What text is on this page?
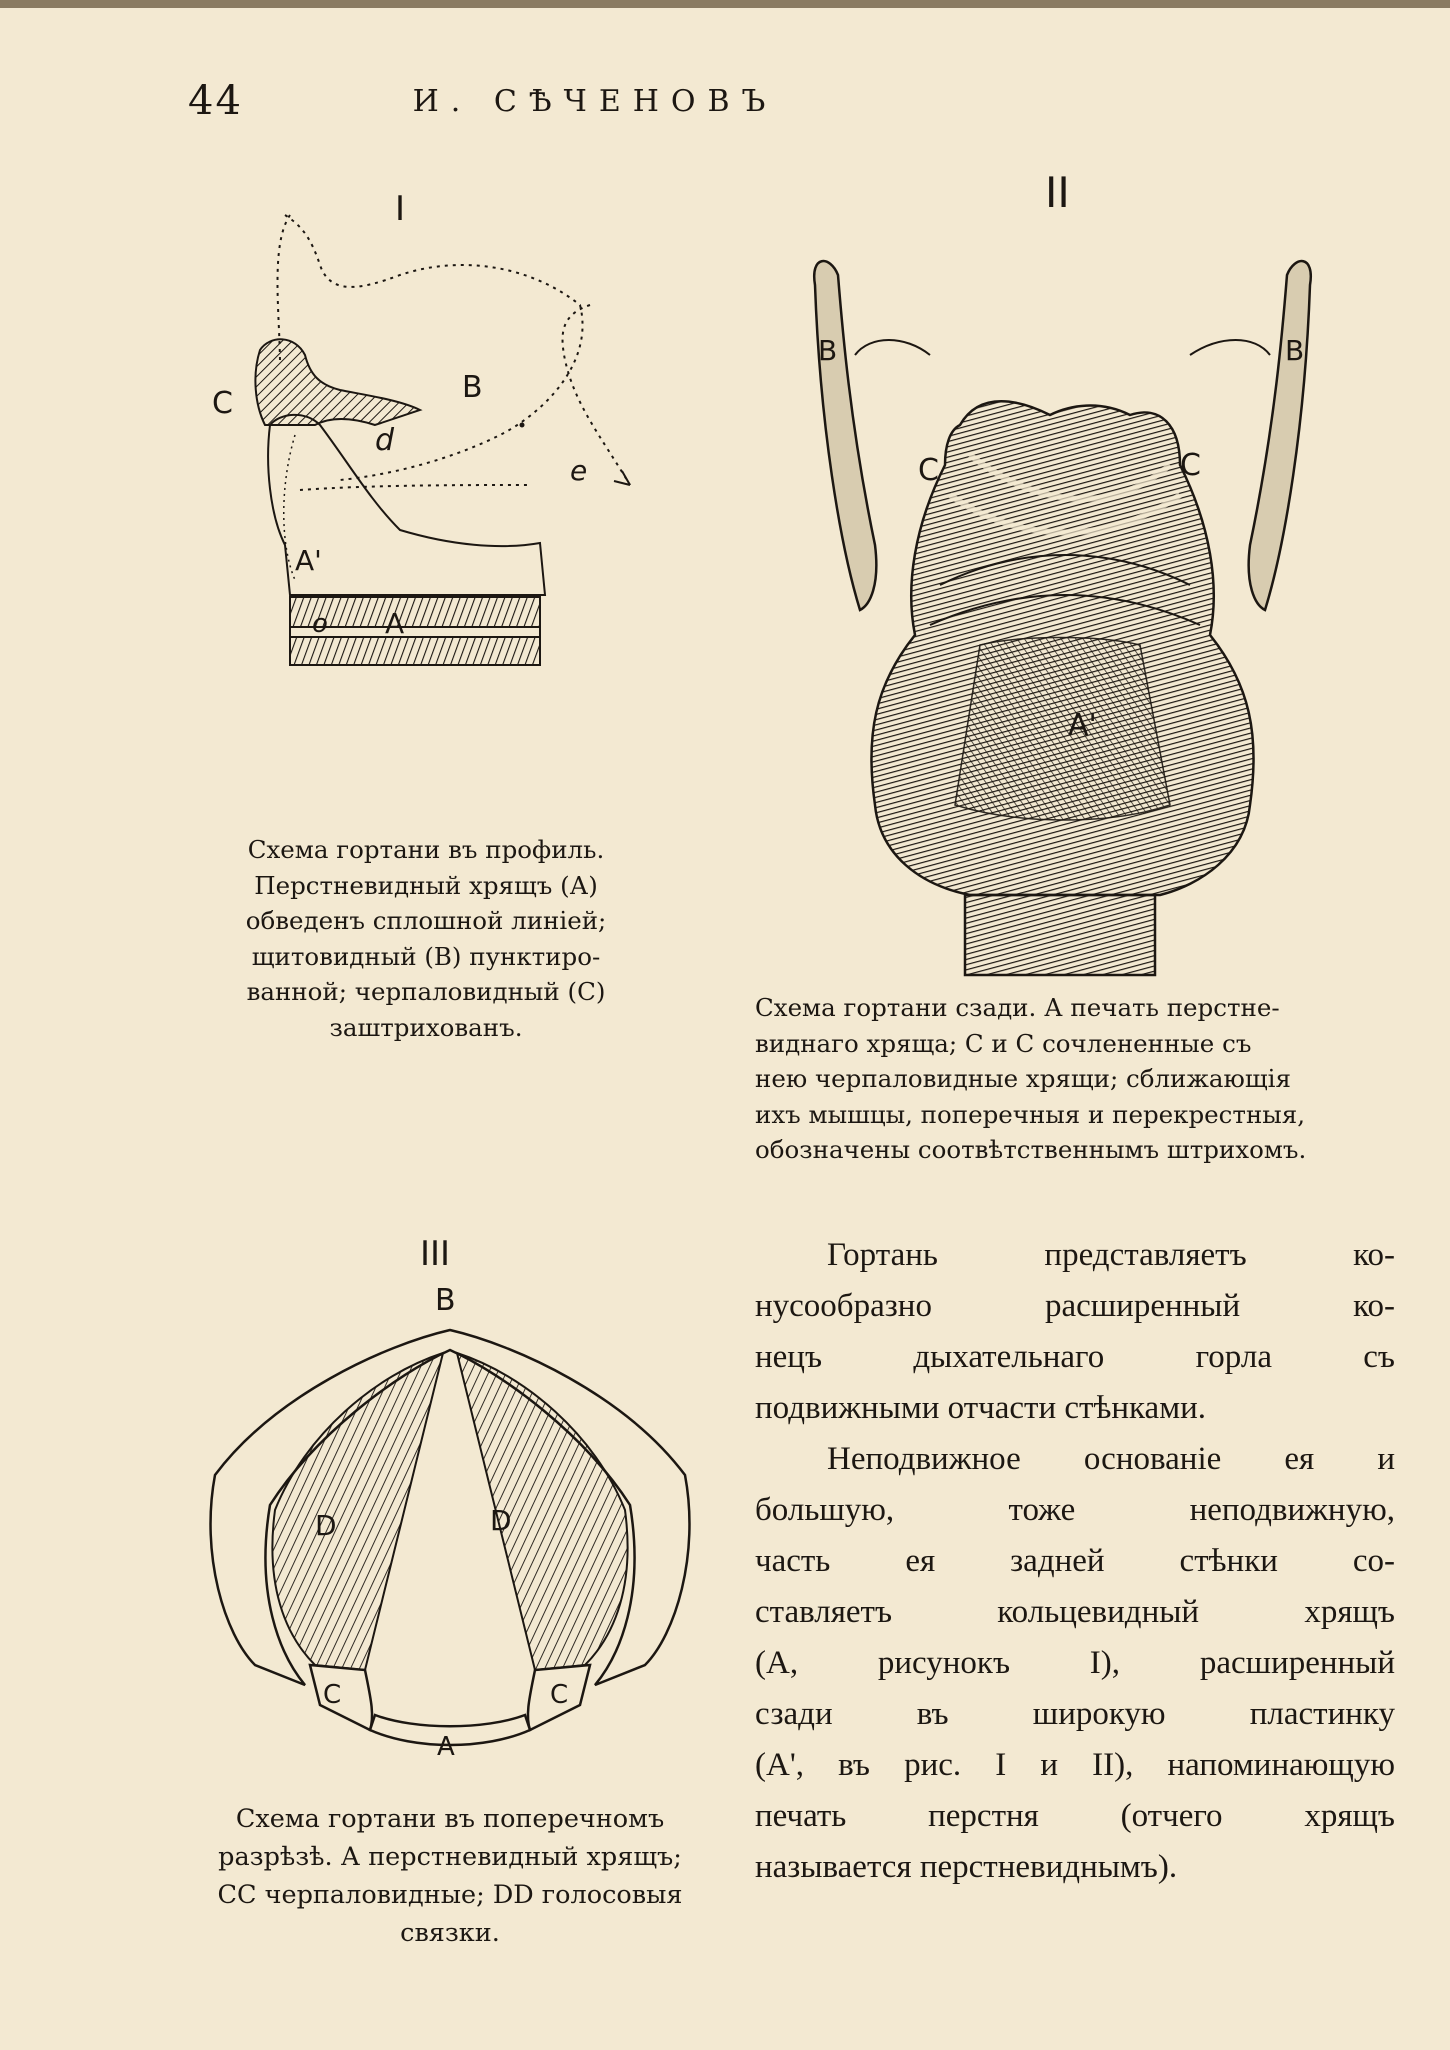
44	И. СѢЧЕНОВЪ
I
C	B
d
e
A'
o A
Схема гортани въ профиль.
Перстневидный хрящъ (А)
обведенъ сплошной линiей;
щитовидный (В) пунктиро-
ванной; черпаловидный (С)
заштрихованъ.
II
B	B
C	C
A'
Схема гортани сзади. А печать перстне-
виднаго хряща; С и С сочлененные съ
нею черпаловидные хрящи; сближающiя
ихъ мышцы, поперечныя и перекрестныя,
обозначены соотвѣтственнымъ штрихомъ.
III
B
D	D
C	C
A
Схема гортани въ поперечномъ
разрѣзѣ. А перстневидный хрящъ;
СС черпаловидные; DD голосовыя
связки.
Гортань представляетъ ко-
нусообразно расширенный ко-
нецъ дыхательнаго горла съ
подвижными отчасти стѣнками.
Неподвижное основанiе ея и
большую, тоже неподвижную,
часть ея задней стѣнки со-
ставляетъ кольцевидный хрящъ
(А, рисунокъ I), расширенный
сзади въ широкую пластинку
(А', въ рис. I и II), напоминающую
печать перстня (отчего хрящъ
называется перстневиднымъ).
